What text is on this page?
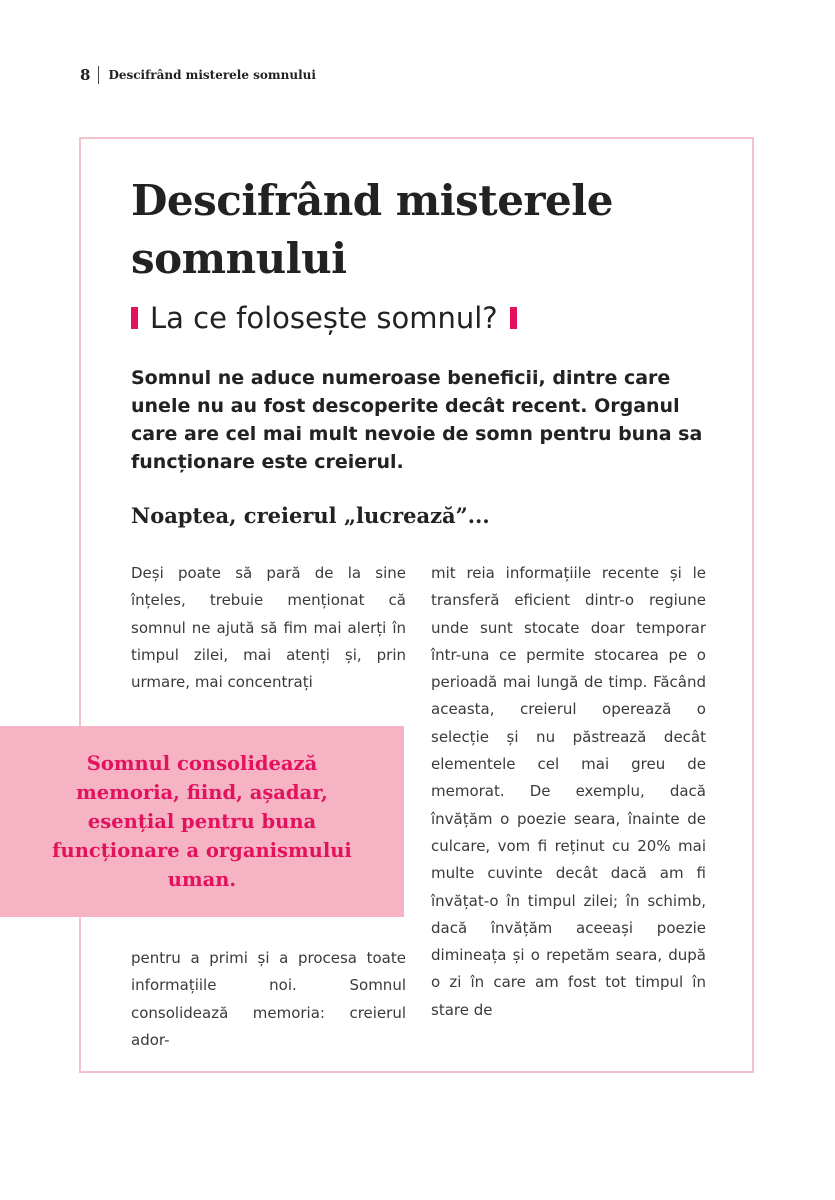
8 Descifrând misterele somnului
Descifrând misterele somnului
La ce folosește somnul?

Somnul ne aduce numeroase beneficii, dintre care unele nu au fost descoperite decât recent. Organul care are cel mai mult nevoie de somn pentru buna sa funcționare este creierul.

Noaptea, creierul „lucrează”...

Deși poate să pară de la sine înțeles, trebuie menționat că somnul ne ajută să fim mai alerți în timpul zilei, mai atenți și, prin urmare, mai concentrați

pentru a primi și a procesa toate informațiile noi. Somnul consolidează memoria: creierul ador-

mit reia informațiile recente și le transferă eficient dintr-o regiune unde sunt stocate doar temporar într-una ce permite stocarea pe o perioadă mai lungă de timp. Făcând aceasta, creierul operează o selecție și nu păstrează decât elementele cel mai greu de memorat. De exemplu, dacă învățăm o poezie seara, înainte de culcare, vom fi reținut cu 20% mai multe cuvinte decât dacă am fi învățat-o în timpul zilei; în schimb, dacă învățăm aceeași poezie dimineața și o repetăm seara, după o zi în care am fost tot timpul în stare de

Somnul consolidează memoria, fiind, așadar, esențial pentru buna funcționare a organismului uman.
